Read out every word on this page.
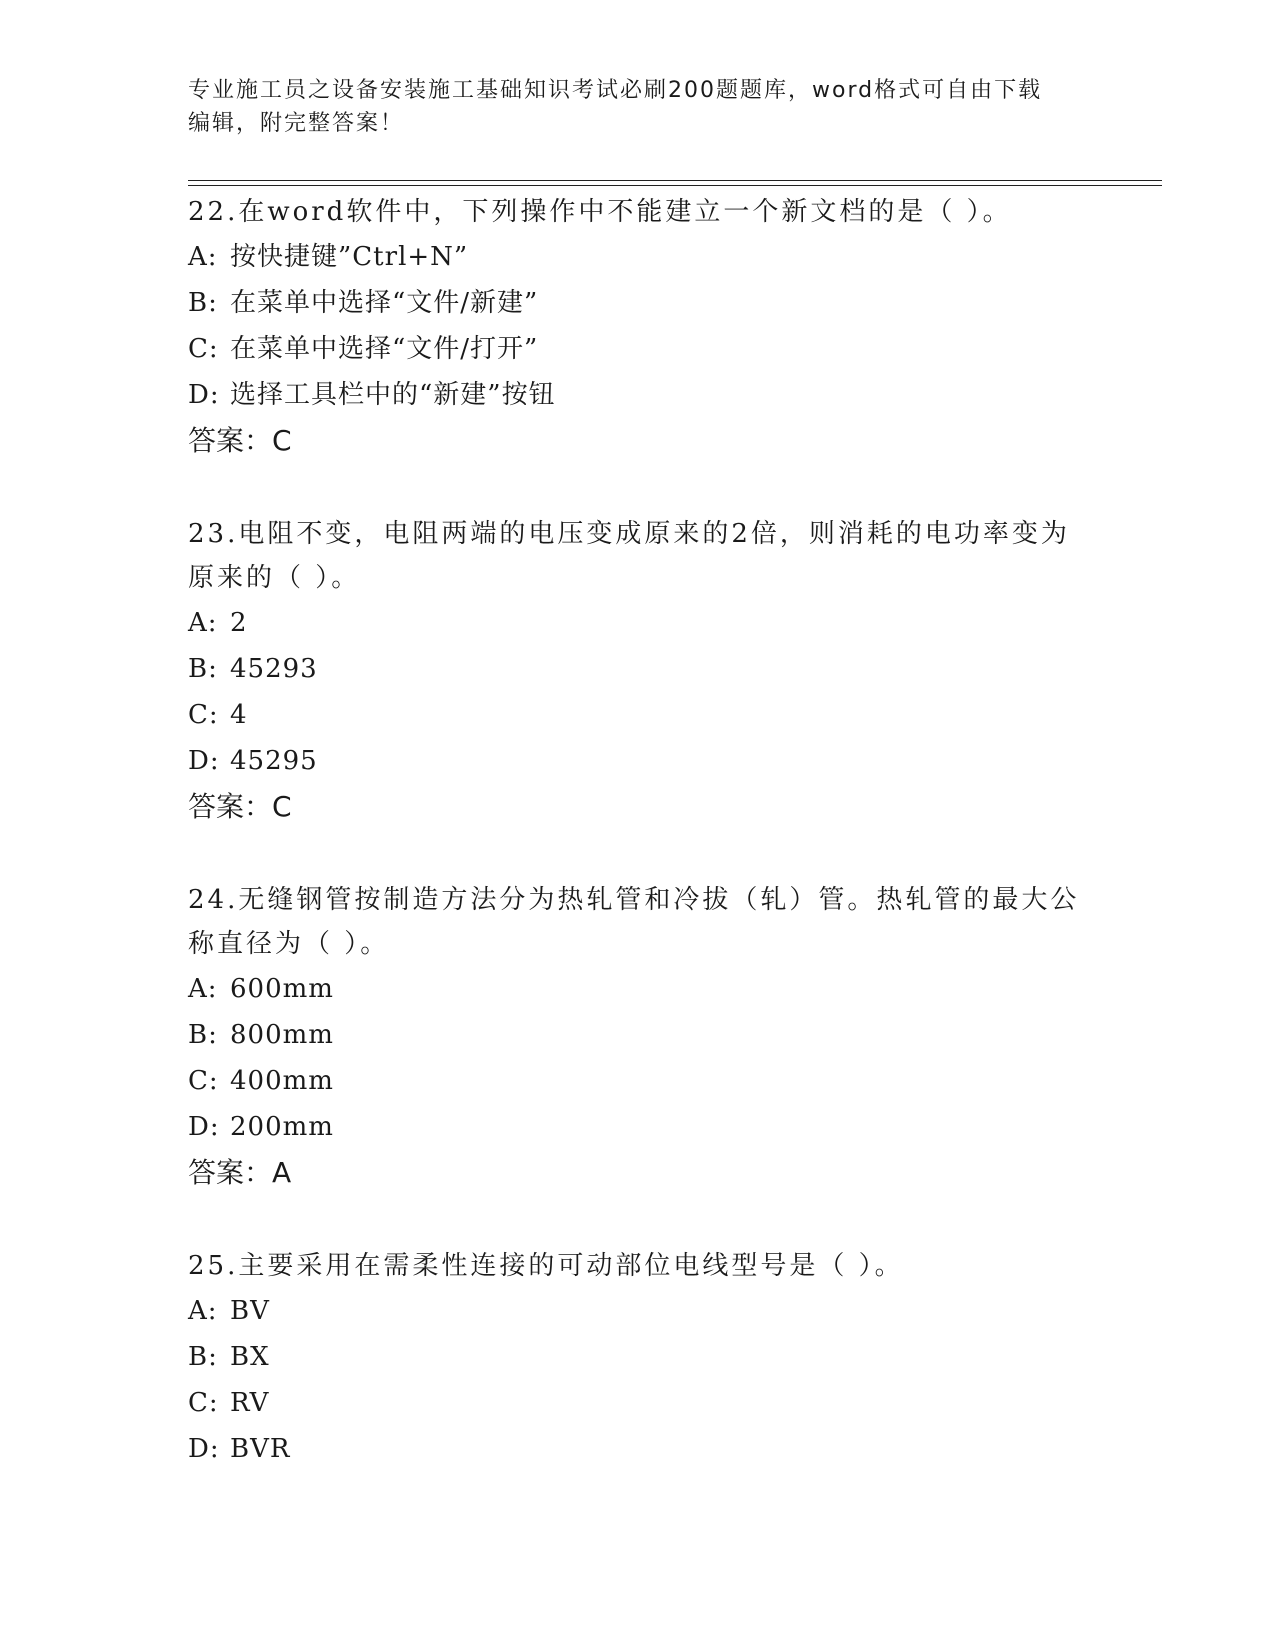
专业施工员之设备安装施工基础知识考试必刷200题题库，word格式可自由下载
编辑，附完整答案！

22.在word软件中，下列操作中不能建立一个新文档的是（ ）。

A: 按快捷键”Ctrl+N”

B: 在菜单中选择“文件/新建”

C: 在菜单中选择“文件/打开”

D: 选择工具栏中的“新建”按钮

答案：C

23.电阻不变，电阻两端的电压变成原来的2倍，则消耗的电功率变为

原来的（ ）。

A: 2

B: 45293

C: 4

D: 45295

答案：C

24.无缝钢管按制造方法分为热轧管和冷拔（轧）管。热轧管的最大公

称直径为（ ）。

A: 600mm

B: 800mm

C: 400mm

D: 200mm

答案：A

25.主要采用在需柔性连接的可动部位电线型号是（ ）。

A: BV

B: BX

C: RV

D: BVR
